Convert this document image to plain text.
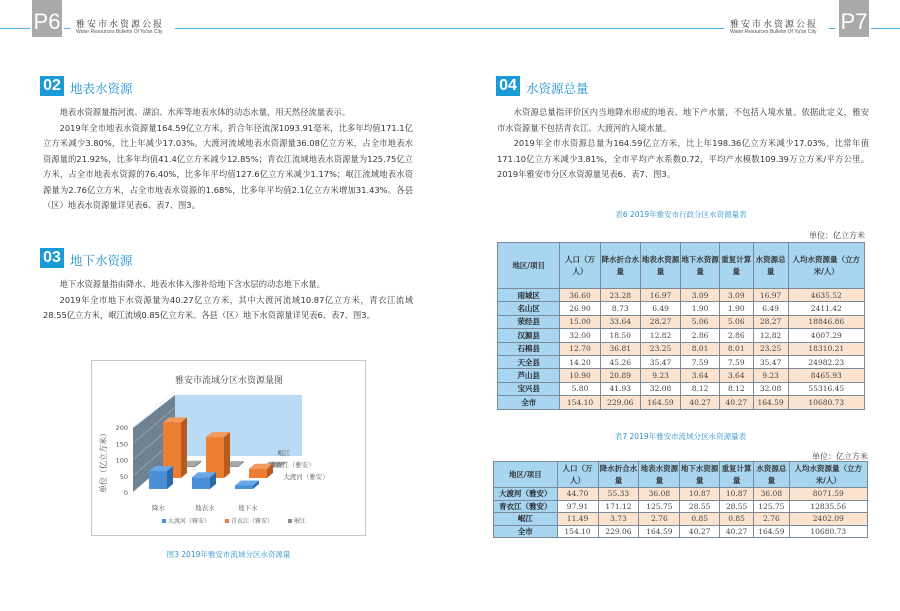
P6 雅安市水资源公报
Water Resources Bulletin Of Ya'an City
雅安市水资源公报
Water Resources Bulletin Of Ya'an City P7
02 地表水资源

地表水资源量指河流、湖泊、水库等地表水体的动态水量，用天然径流量表示。

2019年全市地表水资源量164.59亿立方米，折合年径流深1093.91毫米，比多年均值171.1亿立方米减少3.80%，比上年减少17.03%。大渡河流域地表水资源量36.08亿立方米，占全市地表水资源量的21.92%，比多年均值41.4亿立方米减少12.85%；青衣江流域地表水资源量为125.75亿立方米，占全市地表水资源的76.40%，比多年平均值127.6亿立方米减少1.17%；岷江流域地表水资源量为2.76亿立方米，占全市地表水资源的1.68%，比多年平均值2.1亿立方米增加31.43%。各县（区）地表水资源量详见表6、表7、图3。

03 地下水资源

地下水资源量指由降水、地表水体入渗补给地下含水层的动态地下水量。

2019年全市地下水资源量为40.27亿立方米，其中大渡河流域10.87亿立方米，青衣江流域28.55亿立方米，岷江流域0.85亿立方米。各县（区）地下水资源量详见表6、表7、图3。

雅安市流域分区水资源量图
0
50
100
150
200
单位（亿立方米）	岷江
青衣江（雅安）
大渡河（雅安）
降水	地表水	地下水
大渡河（雅安）	青衣江（雅安）	岷江
图3 2019年雅安市流域分区水资源量
04 水资源总量

水资源总量指评价区内当地降水形成的地表、地下产水量，不包括入境水量。依据此定义，雅安市水资源量不包括青衣江、大渡河的入境水量。

2019年全市水资源总量为164.59亿立方米，比上年198.36亿立方米减少17.03%，比常年值171.10亿立方米减少3.81%，全市平均产水系数0.72，平均产水模数109.39万立方米/平方公里。2019年雅安市分区水资源量见表6、表7、图3。

表6 2019年雅安市行政分区水资源量表
单位：亿立方米
地区/项目	人口（万人）	降水折合水量	地表水资源量	地下水资源量	重复计算量	水资源总量	人均水资源量（立方米/人）
雨城区	36.60	23.28	16.97	3.09	3.09	16.97	4635.52
名山区	26.90	8.73	6.49	1.90	1.90	6.49	2411.42
荥经县	15.00	33.64	28.27	5.06	5.06	28.27	18846.86
汉源县	32.00	18.50	12.82	2.86	2.86	12.82	4007.29
石棉县	12.70	36.81	23.25	8.01	8.01	23.25	18310.21
天全县	14.20	45.26	35.47	7.59	7.59	35.47	24982.23
芦山县	10.90	20.89	9.23	3.64	3.64	9.23	8465.93
宝兴县	5.80	41.93	32.08	8.12	8.12	32.08	55316.45
全市	154.10	229.06	164.59	40.27	40.27	164.59	10680.73
表7 2019年雅安市流域分区水资源量表
单位：亿立方米
地区/项目	人口（万人）	降水折合水量	地表水资源量	地下水资源量	重复计算量	水资源总量	人均水资源量（立方米/人）
大渡河（雅安）	44.70	55.33	36.08	10.87	10.87	36.08	8071.59
青衣江（雅安）	97.91	171.12	125.75	28.55	28.55	125.75	12835.56
岷江	11.49	3.73	2.76	0.85	0.85	2.76	2402.09
全市	154.10	229.06	164.59	40.27	40.27	164.59	10680.73
